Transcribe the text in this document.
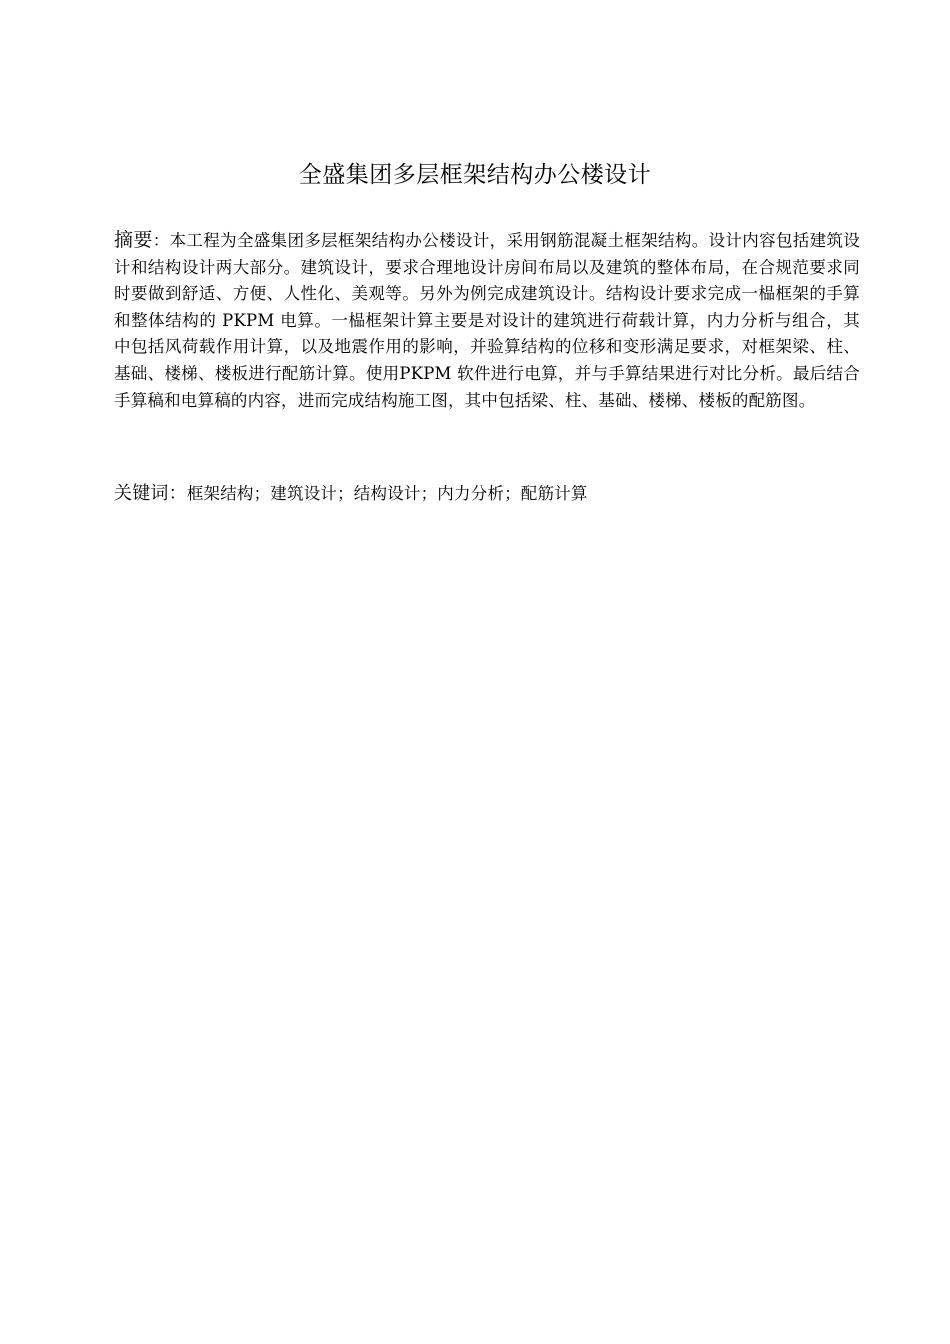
全盛集团多层框架结构办公楼设计
摘要：本工程为全盛集团多层框架结构办公楼设计，采用钢筋混凝土框架结构。设计内容包括建筑设计和结构设计两大部分。建筑设计，要求合理地设计房间布局以及建筑的整体布局，在合规范要求同时要做到舒适、方便、人性化、美观等。另外为例完成建筑设计。结构设计要求完成一榀框架的手算和整体结构的 PKPM 电算。一榀框架计算主要是对设计的建筑进行荷载计算，内力分析与组合，其中包括风荷载作用计算，以及地震作用的影响，并验算结构的位移和变形满足要求，对框架梁、柱、基础、楼梯、楼板进行配筋计算。使用PKPM 软件进行电算，并与手算结果进行对比分析。最后结合手算稿和电算稿的内容，进而完成结构施工图，其中包括梁、柱、基础、楼梯、楼板的配筋图。
关键词：框架结构；建筑设计；结构设计；内力分析；配筋计算
